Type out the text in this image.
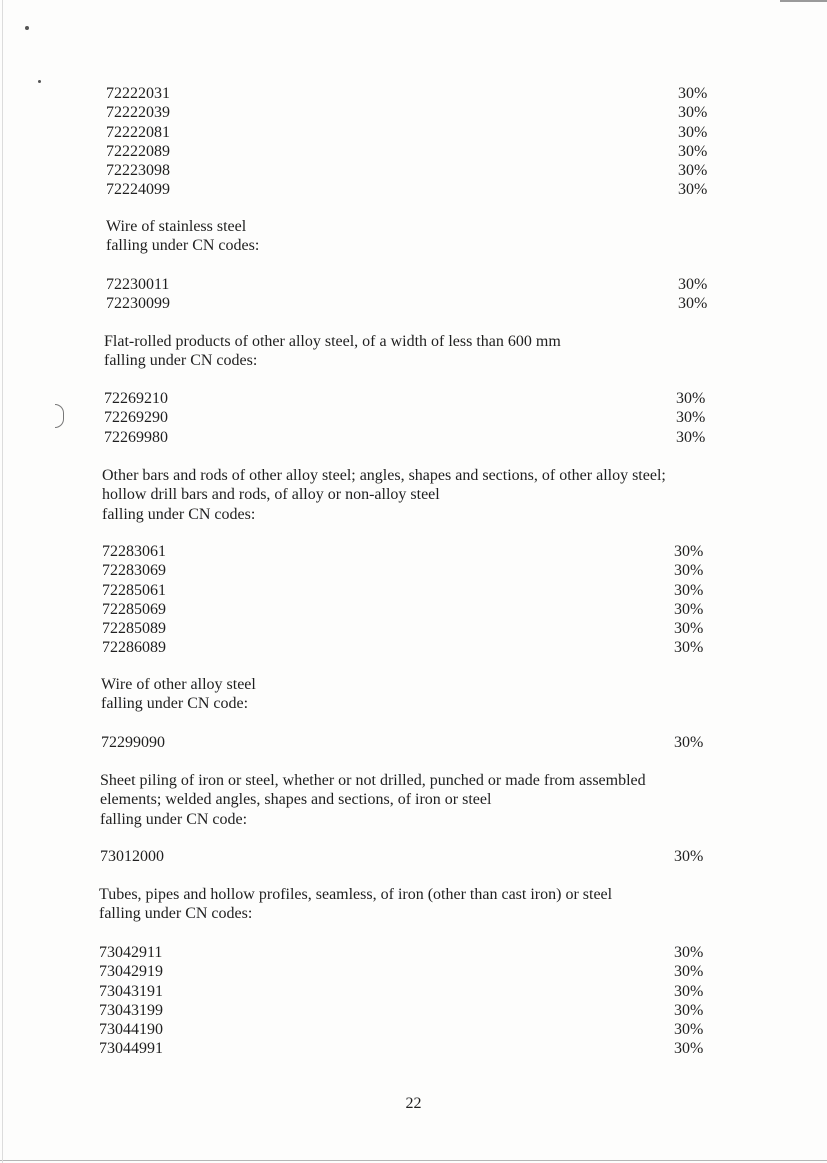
72222031	30%
72222039	30%
72222081	30%
72222089	30%
72223098	30%
72224099	30%
Wire of stainless steel
falling under CN codes:
72230011	30%
72230099	30%
Flat-rolled products of other alloy steel, of a width of less than 600 mm
falling under CN codes:
72269210	30%
72269290	30%
72269980	30%
Other bars and rods of other alloy steel; angles, shapes and sections, of other alloy steel;
hollow drill bars and rods, of alloy or non-alloy steel
falling under CN codes:
72283061	30%
72283069	30%
72285061	30%
72285069	30%
72285089	30%
72286089	30%
Wire of other alloy steel
falling under CN code:
72299090	30%
Sheet piling of iron or steel, whether or not drilled, punched or made from assembled
elements; welded angles, shapes and sections, of iron or steel
falling under CN code:
73012000	30%
Tubes, pipes and hollow profiles, seamless, of iron (other than cast iron) or steel
falling under CN codes:
73042911	30%
73042919	30%
73043191	30%
73043199	30%
73044190	30%
73044991	30%
22
